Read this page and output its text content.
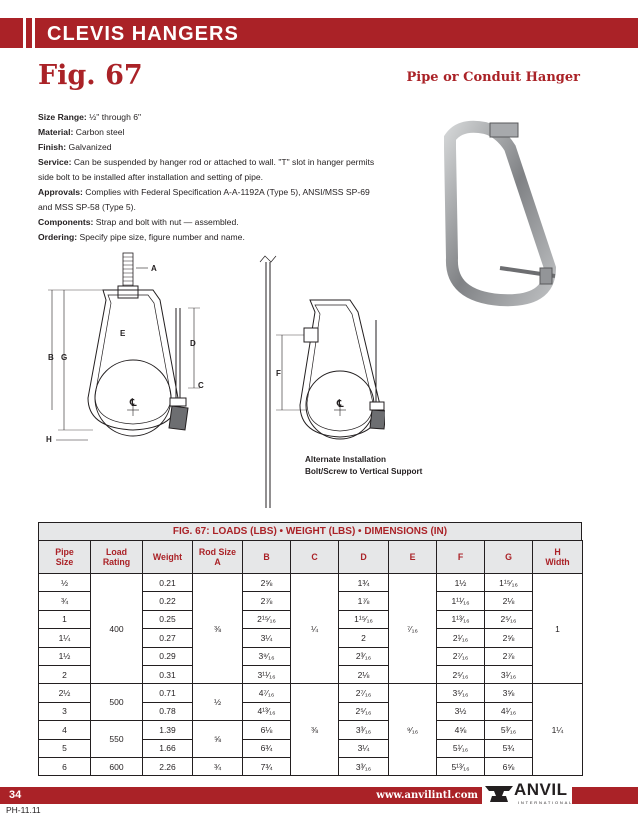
CLEVIS HANGERS
Fig. 67	Pipe or Conduit Hanger
Size Range: ½" through 6"
Material: Carbon steel
Finish: Galvanized
Service: Can be suspended by hanger rod or attached to wall. "T" slot in hanger permits side bolt to be installed after installation and setting of pipe.
Approvals: Complies with Federal Specification A-A-1192A (Type 5), ANSI/MSS SP-69 and MSS SP-58 (Type 5).
Components: Strap and bolt with nut — assembled.
Ordering: Specify pipe size, figure number and name.
A
B G
E
D
C
H
℄
F
℄
Alternate Installation
Bolt/Screw to Vertical Support
FIG. 67: LOADS (LBS) • WEIGHT (LBS) • DIMENSIONS (IN)
Pipe
Size	Load
Rating	Weight	Rod Size
A	B	C	D	E	F	G	H
Width
½	400	0.21	⅜	2⅝	¼	1¾	⁷⁄₁₆	1½	1¹⁵⁄₁₆	1
¾		0.22		2⅞		1⅞		1¹¹⁄₁₆	2⅛	
1		0.25		2¹⁵⁄₁₆		1¹⁵⁄₁₆		1¹³⁄₁₆	2⁵⁄₁₆	
1¼		0.27		3¼		2		2¹⁄₁₆	2⅝	
1½		0.29		3⁹⁄₁₆		2³⁄₁₆		2⁷⁄₁₆	2⅞	
2		0.31		3¹¹⁄₁₆		2⅛		2⁵⁄₁₆	3¹⁄₁₆	
2½	500	0.71	½	4⁷⁄₁₆	⅜	2⁷⁄₁₆	⁹⁄₁₆	3⁵⁄₁₆	3⅝	1¼
3		0.78		4¹³⁄₁₆		2⁵⁄₁₆		3½	4¹⁄₁₆	
4	550	1.39	⅝	6⅛		3³⁄₁₆		4⅝	5³⁄₁₆	
5		1.66		6¾		3¼		5¹⁄₁₆	5¾	
6	600	2.26	¾	7¾		3³⁄₁₆		5¹³⁄₁₆	6⅝	
34	www.anvilintl.com ANVIL
INTERNATIONAL
PH-11.11
